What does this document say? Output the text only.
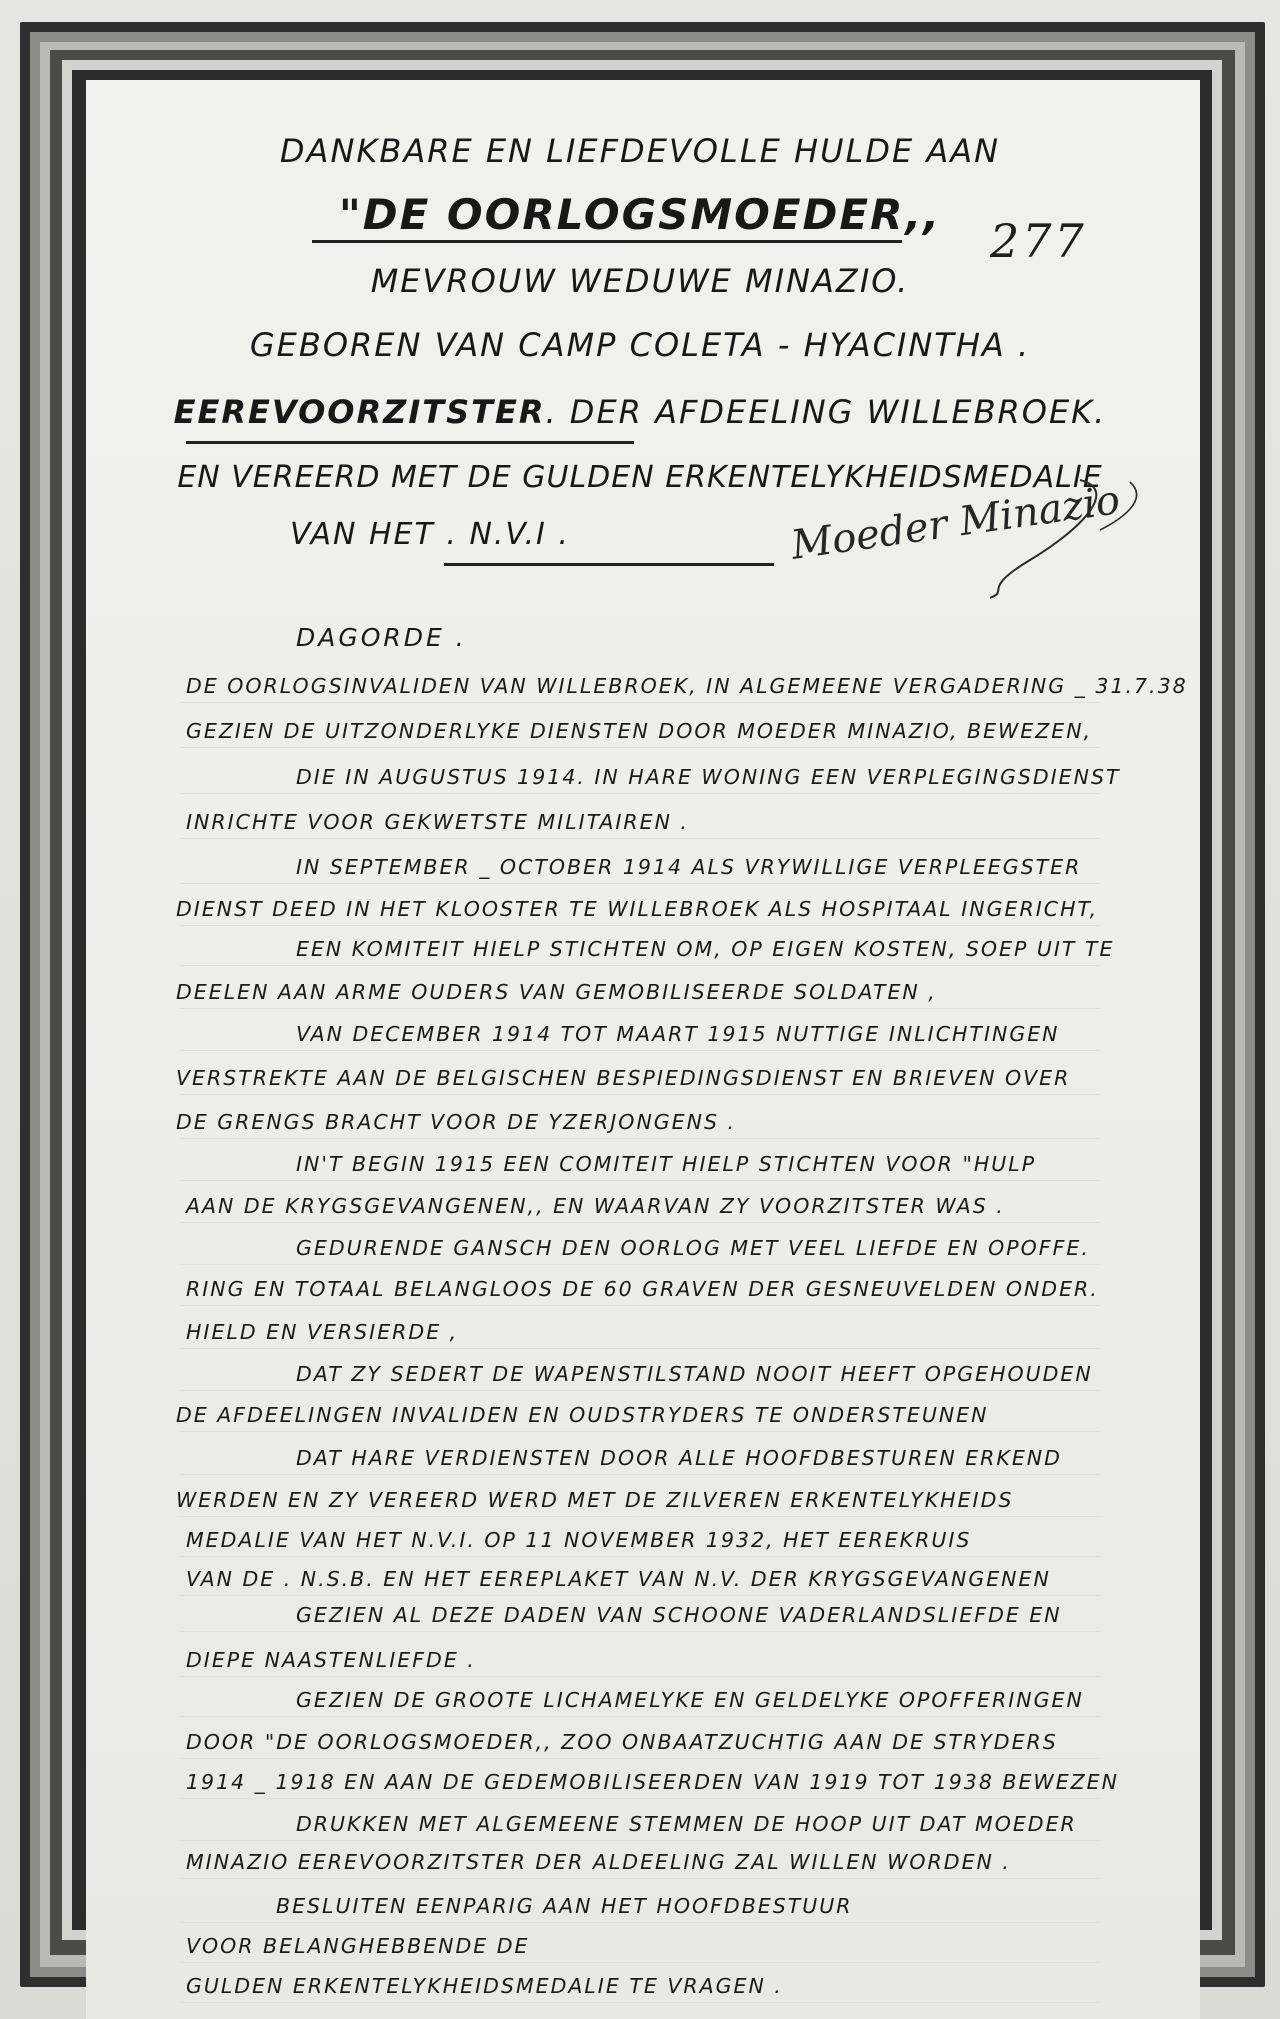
DANKBARE EN LIEFDEVOLLE HULDE AAN
"DE OORLOGSMOEDER,,	277
MEVROUW WEDUWE MINAZIO.
GEBOREN VAN CAMP COLETA - HYACINTHA .
EEREVOORZITSTER. DER AFDEELING WILLEBROEK.
EN VEREERD MET DE GULDEN ERKENTELYKHEIDSMEDALIE
VAN HET . N.V.I .	Moeder Minazio
DAGORDE .
DE OORLOGSINVALIDEN VAN WILLEBROEK, IN ALGEMEENE VERGADERING _ 31.7.38
GEZIEN DE UITZONDERLYKE DIENSTEN DOOR MOEDER MINAZIO, BEWEZEN,
DIE IN AUGUSTUS 1914. IN HARE WONING EEN VERPLEGINGSDIENST
INRICHTE VOOR GEKWETSTE MILITAIREN .
IN SEPTEMBER _ OCTOBER 1914 ALS VRYWILLIGE VERPLEEGSTER
DIENST DEED IN HET KLOOSTER TE WILLEBROEK ALS HOSPITAAL INGERICHT,
EEN KOMITEIT HIELP STICHTEN OM, OP EIGEN KOSTEN, SOEP UIT TE
DEELEN AAN ARME OUDERS VAN GEMOBILISEERDE SOLDATEN ,
VAN DECEMBER 1914 TOT MAART 1915 NUTTIGE INLICHTINGEN
VERSTREKTE AAN DE BELGISCHEN BESPIEDINGSDIENST EN BRIEVEN OVER
DE GRENGS BRACHT VOOR DE YZERJONGENS .
IN'T BEGIN 1915 EEN COMITEIT HIELP STICHTEN VOOR "HULP
AAN DE KRYGSGEVANGENEN,, EN WAARVAN ZY VOORZITSTER WAS .
GEDURENDE GANSCH DEN OORLOG MET VEEL LIEFDE EN OPOFFE.
RING EN TOTAAL BELANGLOOS DE 60 GRAVEN DER GESNEUVELDEN ONDER.
HIELD EN VERSIERDE ,
DAT ZY SEDERT DE WAPENSTILSTAND NOOIT HEEFT OPGEHOUDEN
DE AFDEELINGEN INVALIDEN EN OUDSTRYDERS TE ONDERSTEUNEN
DAT HARE VERDIENSTEN DOOR ALLE HOOFDBESTUREN ERKEND
WERDEN EN ZY VEREERD WERD MET DE ZILVEREN ERKENTELYKHEIDS
MEDALIE VAN HET N.V.I. OP 11 NOVEMBER 1932, HET EEREKRUIS
VAN DE . N.S.B. EN HET EEREPLAKET VAN N.V. DER KRYGSGEVANGENEN
GEZIEN AL DEZE DADEN VAN SCHOONE VADERLANDSLIEFDE EN
DIEPE NAASTENLIEFDE .
GEZIEN DE GROOTE LICHAMELYKE EN GELDELYKE OPOFFERINGEN
DOOR "DE OORLOGSMOEDER,, ZOO ONBAATZUCHTIG AAN DE STRYDERS
1914 _ 1918 EN AAN DE GEDEMOBILISEERDEN VAN 1919 TOT 1938 BEWEZEN
DRUKKEN MET ALGEMEENE STEMMEN DE HOOP UIT DAT MOEDER
MINAZIO EEREVOORZITSTER DER ALDEELING ZAL WILLEN WORDEN .
BESLUITEN EENPARIG AAN HET HOOFDBESTUUR
VOOR BELANGHEBBENDE DE
GULDEN ERKENTELYKHEIDSMEDALIE TE VRAGEN .
